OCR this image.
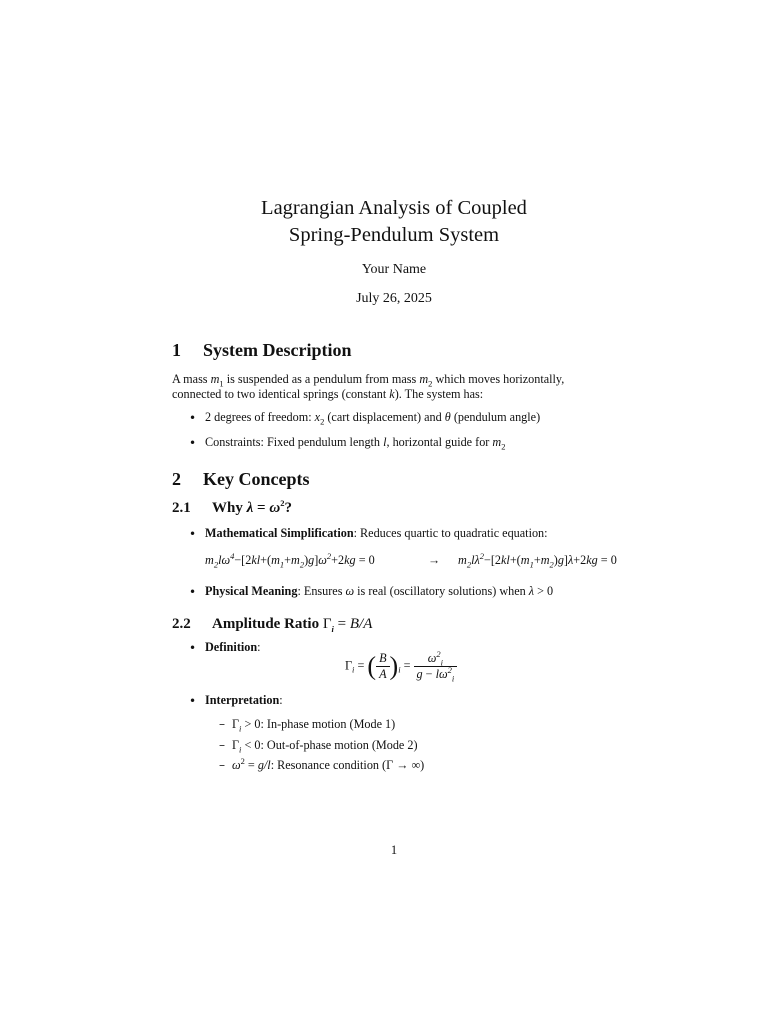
Lagrangian Analysis of Coupled
Spring-Pendulum System
Your Name
July 26, 2025
1 System Description
A mass $m_1$ is suspended as a pendulum from mass $m_2$ which moves horizontally,
connected to two identical springs (constant k). The system has:
• 2 degrees of freedom: $x_2$ (cart displacement) and θ (pendulum angle)
• Constraints: Fixed pendulum length l, horizontal guide for $m_2$
2 Key Concepts
2.1 Why $\lambda = \omega^2$?
• Mathematical Simplification: Reduces quartic to quadratic equation:
$m_2l\omega^4-[2kl+(m_1+m_2)g]\omega^2+2kg = 0$	→ $m_2l\lambda^2-[2kl+(m_1+m_2)g]\lambda+2kg = 0$
• Physical Meaning: Ensures ω is real (oscillatory solutions) when λ > 0
2.2 Amplitude Ratio $\Gamma_i = B/A$
• Definition:
$\Gamma_i$ = ( $\frac{B}{A} )_i = \frac{\omega^2_i}{g - l\omega^2_i}$
• Interpretation:
– $\Gamma_i > 0$: In-phase motion (Mode 1)
– $\Gamma_i < 0$: Out-of-phase motion (Mode 2)
– $\omega^2 = g/l$: Resonance condition (Γ → ∞)
1
